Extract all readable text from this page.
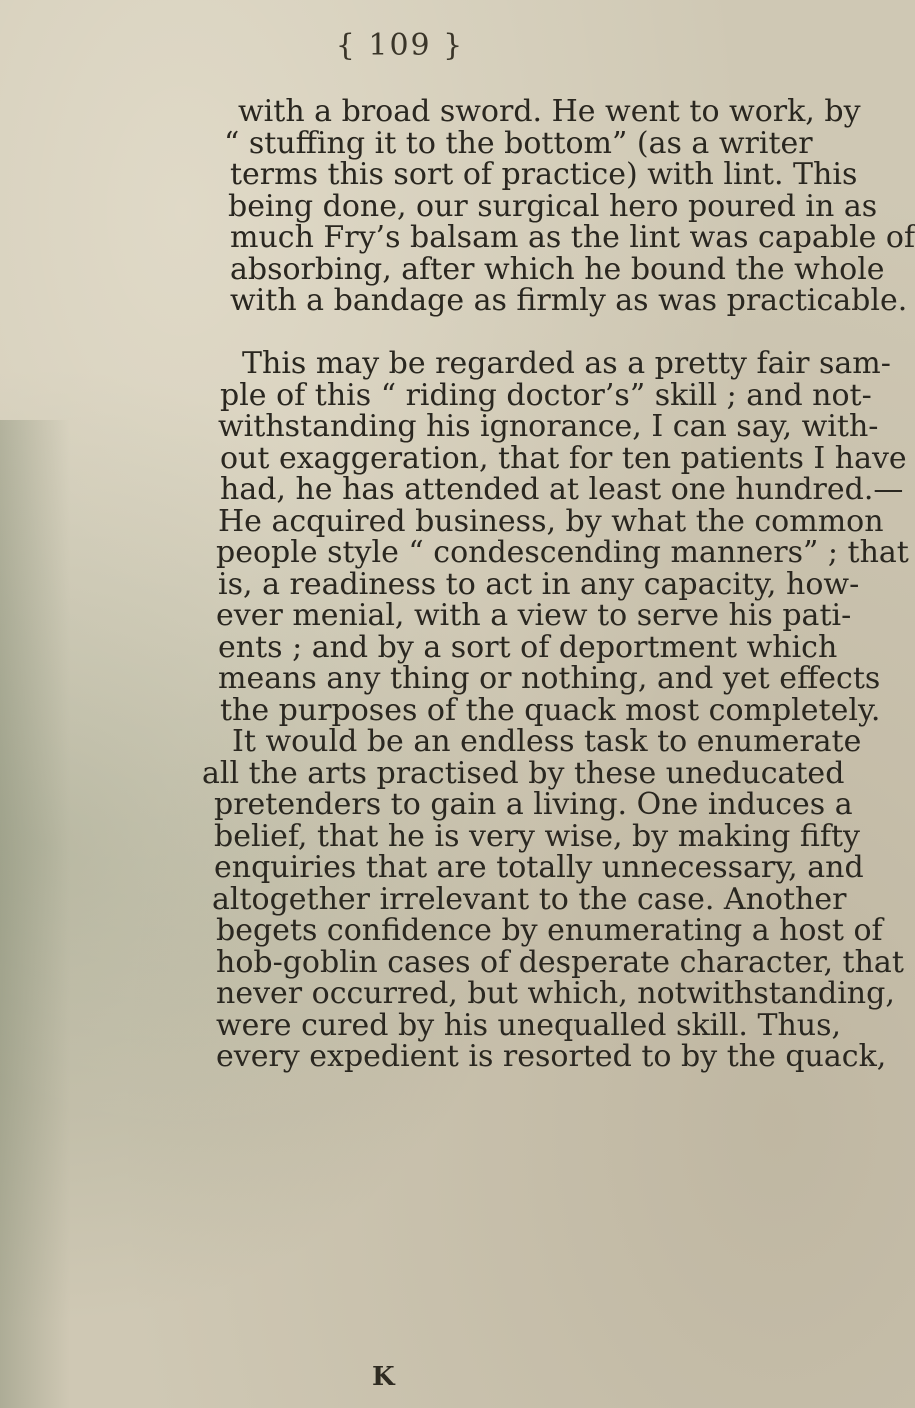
{ 109 }
with a broad sword. He went to work, by
“ stuffing it to the bottom” (as a writer
terms this sort of practice) with lint. This
being done, our surgical hero poured in as
much Fry’s balsam as the lint was capable of
absorbing, after which he bound the whole
with a bandage as firmly as was practicable.
This may be regarded as a pretty fair sam-
ple of this “ riding doctor’s” skill ; and not-
withstanding his ignorance, I can say, with-
out exaggeration, that for ten patients I have
had, he has attended at least one hundred.—
He acquired business, by what the common
people style “ condescending manners” ; that
is, a readiness to act in any capacity, how-
ever menial, with a view to serve his pati-
ents ; and by a sort of deportment which
means any thing or nothing, and yet effects
the purposes of the quack most completely.
It would be an endless task to enumerate
all the arts practised by these uneducated
pretenders to gain a living. One induces a
belief, that he is very wise, by making fifty
enquiries that are totally unnecessary, and
altogether irrelevant to the case. Another
begets confidence by enumerating a host of
hob-goblin cases of desperate character, that
never occurred, but which, notwithstanding,
were cured by his unequalled skill. Thus,
every expedient is resorted to by the quack,
K
